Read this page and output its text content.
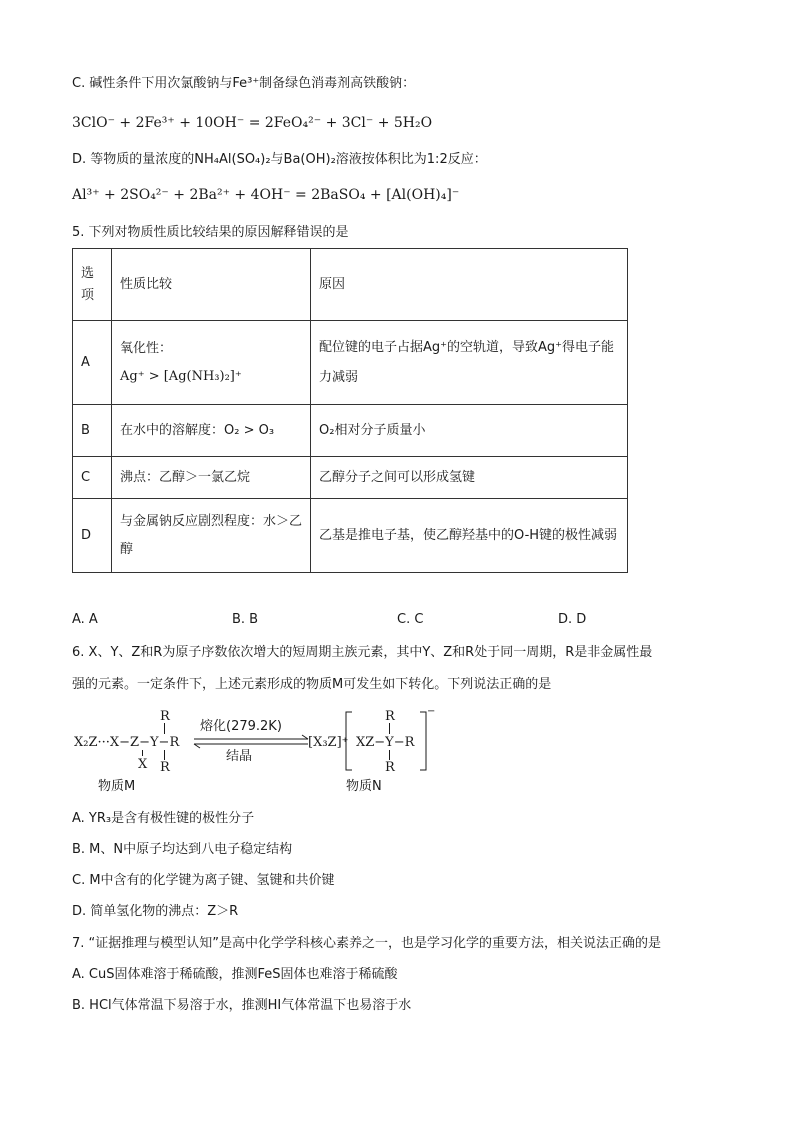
C. 碱性条件下用次氯酸钠与Fe³⁺制备绿色消毒剂高铁酸钠：
3ClO⁻ + 2Fe³⁺ + 10OH⁻ = 2FeO₄²⁻ + 3Cl⁻ + 5H₂O
D. 等物质的量浓度的NH₄Al(SO₄)₂与Ba(OH)₂溶液按体积比为1:2反应：
Al³⁺ + 2SO₄²⁻ + 2Ba²⁺ + 4OH⁻ = 2BaSO₄ + [Al(OH)₄]⁻
5. 下列对物质性质比较结果的原因解释错误的是
选项	性质比较	原因
A	氧化性：
Ag⁺ > [Ag(NH₃)₂]⁺	配位键的电子占据Ag⁺的空轨道，导致Ag⁺得电子能力减弱
B	在水中的溶解度：O₂ > O₃	O₂相对分子质量小
C	沸点：乙醇＞一氯乙烷	乙醇分子之间可以形成氢键
D	与金属钠反应剧烈程度：水＞乙醇	乙基是推电子基，使乙醇羟基中的O-H键的极性减弱
A. A	B. B	C. C	D. D
6. X、Y、Z和R为原子序数依次增大的短周期主族元素，其中Y、Z和R处于同一周期，R是非金属性最
强的元素。一定条件下，上述元素形成的物质M可发生如下转化。下列说法正确的是
X₂Z···X−Z−Y−R
R
R
X
物质M
熔化(279.2K)
结晶
[X₃Z]⁺ XZ−Y−R
R
R
−
物质N
A. YR₃是含有极性键的极性分子
B. M、N中原子均达到八电子稳定结构
C. M中含有的化学键为离子键、氢键和共价键
D. 简单氢化物的沸点：Z＞R
7. “证据推理与模型认知”是高中化学学科核心素养之一，也是学习化学的重要方法，相关说法正确的是
A. CuS固体难溶于稀硫酸，推测FeS固体也难溶于稀硫酸
B. HCl气体常温下易溶于水，推测HI气体常温下也易溶于水
